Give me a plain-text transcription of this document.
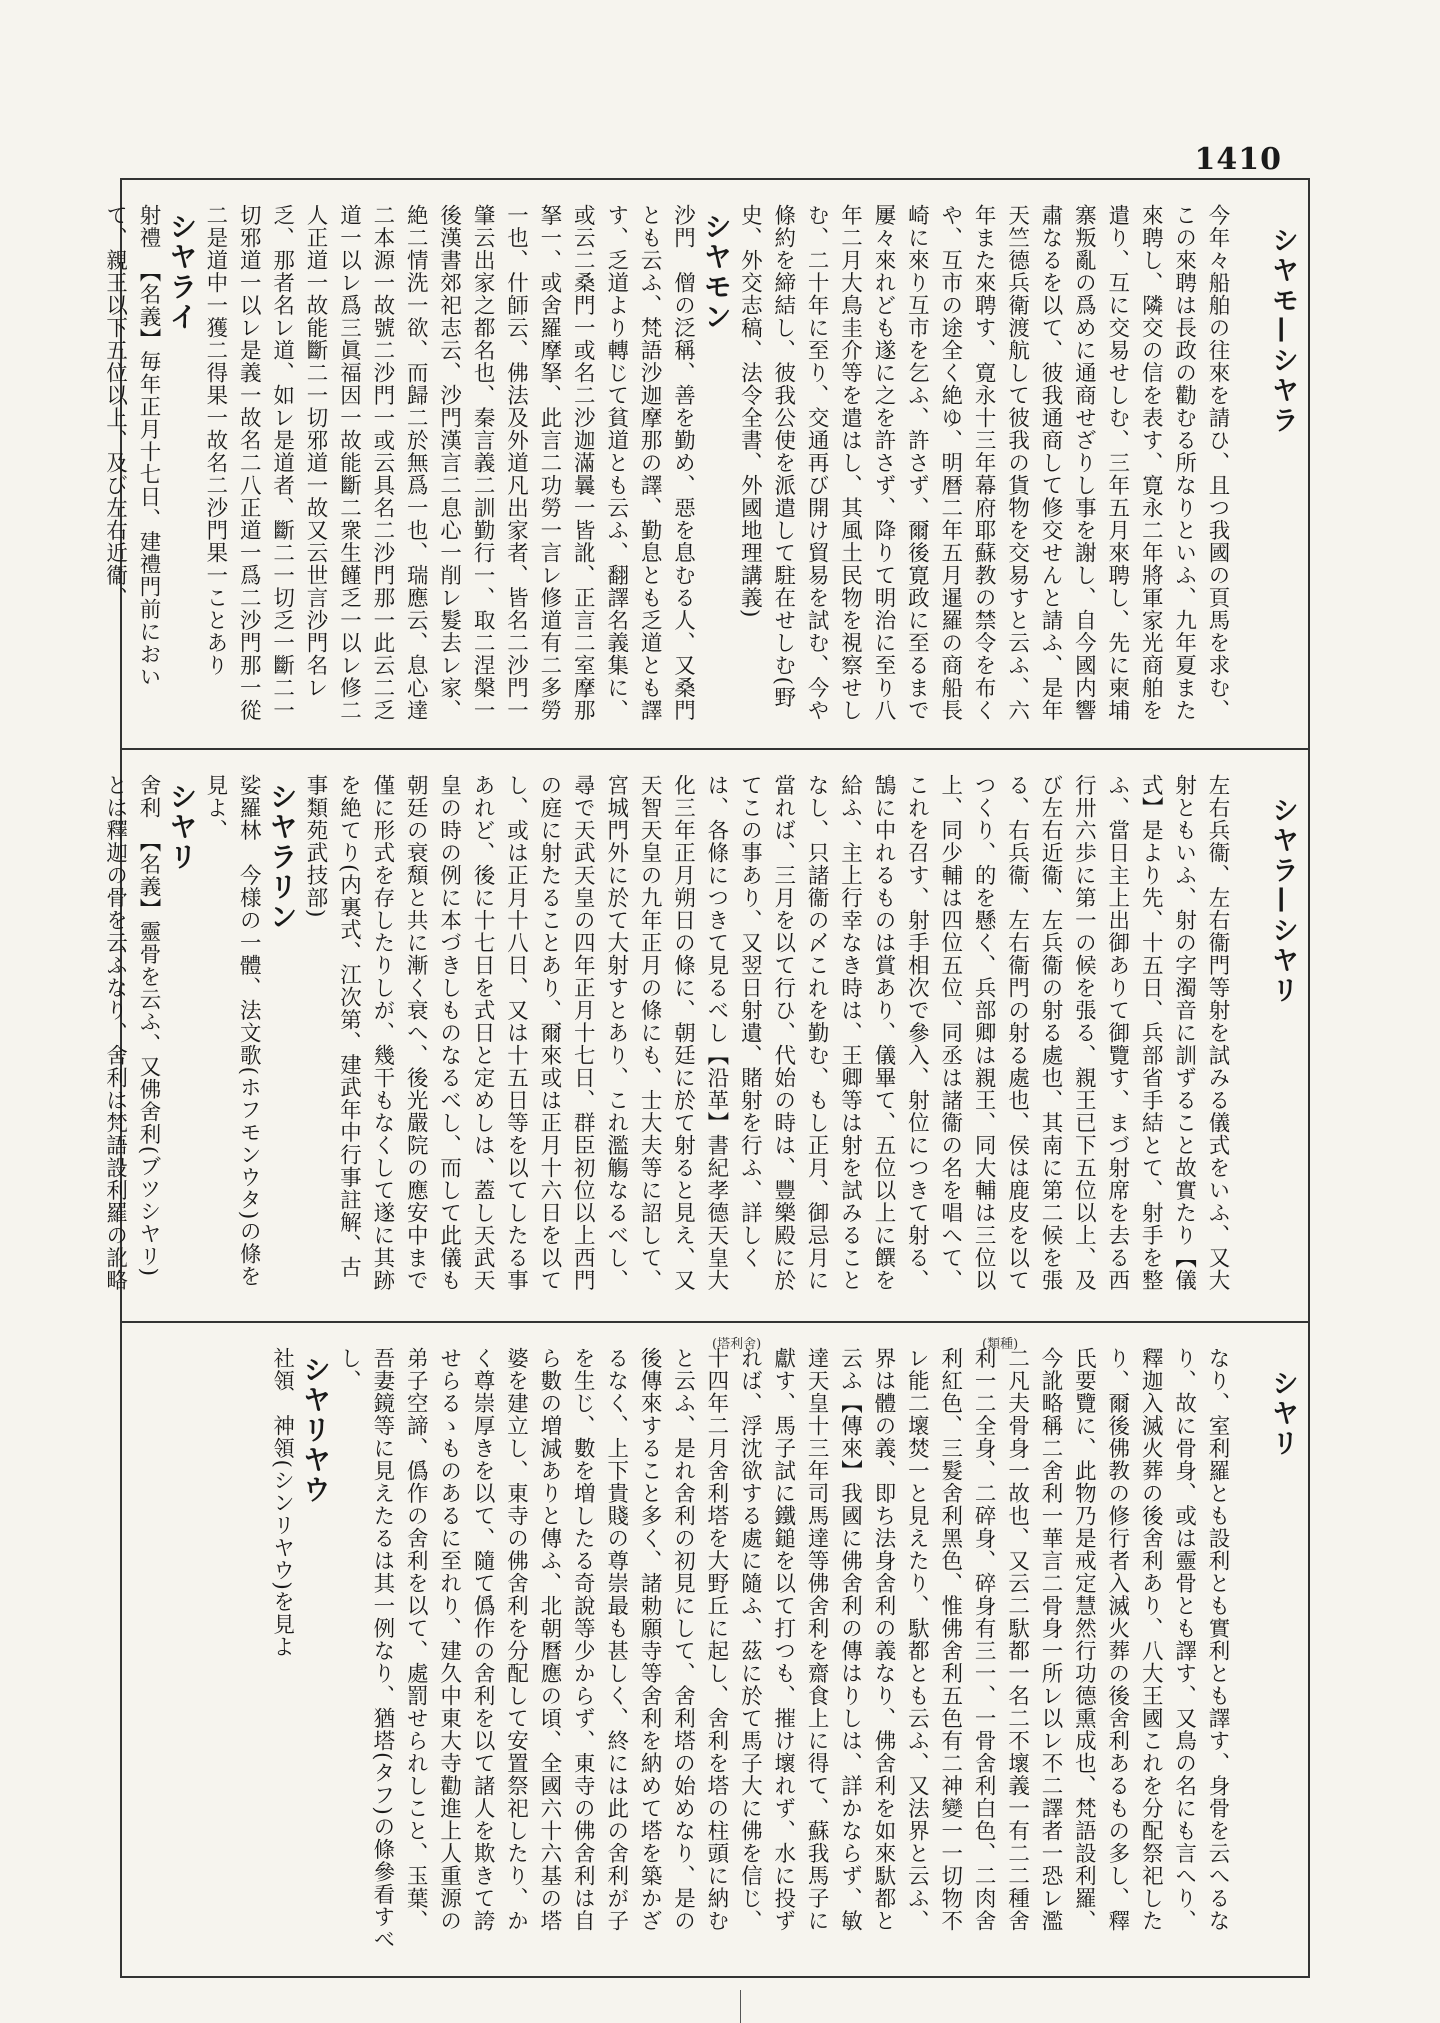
1410
シヤモ—シヤラ

今年々船舶の往來を請ひ、且つ我國の頁馬を求む、この來聘は長政の勸むる所なりといふ、九年夏また來聘し、隣交の信を表す、寛永二年將軍家光商舶を遣り、互に交易せしむ、三年五月來聘し、先に柬埔寨叛亂の爲めに通商せざりし事を謝し、自今國内響肅なるを以て、彼我通商して修交せんと請ふ、是年天竺德兵衛渡航して彼我の貨物を交易すと云ふ、六年また來聘す、寛永十三年幕府耶蘇教の禁令を布くや、互市の途全く絶ゆ、明暦二年五月暹羅の商船長崎に來り互市を乞ふ、許さず、爾後寛政に至るまで屢々來れども遂に之を許さず、降りて明治に至り八年二月大鳥圭介等を遣はし、其風土民物を視察せしむ、二十年に至り、交通再び開け貿易を試む、今や條約を締結し、彼我公使を派遣して駐在せしむ(野史、外交志稿、法令全書、外國地理講義)

シヤモン

沙門　僧の泛稱、善を勤め、惡を息むる人、又桑門とも云ふ、梵語沙迦摩那の譯、勤息とも乏道とも譯す、乏道より轉じて貧道とも云ふ、翻譯名義集に、或云二桑門一或名二沙迦滿曩一皆訛、正言二室摩那拏一、或舍羅摩拏、此言二功勞一言レ修道有二多勞一也、什師云、佛法及外道凡出家者、皆名二沙門一肇云出家之都名也、秦言義二訓勤行一、取二涅槃一後漢書郊祀志云、沙門漢言二息心一削レ髮去レ家、絶二情洗一欲、而歸二於無爲一也、瑞應云、息心達二本源一故號二沙門一或云具名二沙門那一此云二乏道一以レ爲三眞福因一故能斷二衆生饉乏一以レ修二人正道一故能斷二一切邪道一故又云世言沙門名レ乏、那者名レ道、如レ是道者、斷二一切乏一斷二一切邪道一以レ是義一故名二八正道一爲二沙門那一從二是道中一獲二得果一故名二沙門果一ことあり

シヤライ

射禮　【名義】毎年正月十七日、建禮門前において、親王以下五位以上、及び左右近衞、

シヤラ—シヤリ

左右兵衞、左右衞門等射を試みる儀式をいふ、又大射ともいふ、射の字濁音に訓ずること故實たり【儀式】是より先、十五日、兵部省手結とて、射手を整ふ、當日主上出御ありて御覽す、まづ射席を去る西行卅六歩に第一の候を張る、親王已下五位以上、及び左右近衞、左兵衞の射る處也、其南に第二候を張る、右兵衞、左右衞門の射る處也、侯は鹿皮を以てつくり、的を懸く、兵部卿は親王、同大輔は三位以上、同少輔は四位五位、同丞は諸衞の名を唱へて、これを召す、射手相次で參入、射位につきて射る、鵠に中れるものは賞あり、儀畢て、五位以上に饌を給ふ、主上行幸なき時は、王卿等は射を試みることなし、只諸衞の〆これを勤む、もし正月、御忌月に當れば、三月を以て行ひ、代始の時は、豐樂殿に於てこの事あり、又翌日射遺、賭射を行ふ、詳しくは、各條につきて見るべし【沿革】書紀孝德天皇大化三年正月朔日の條に、朝廷に於て射ると見え、又天智天皇の九年正月の條にも、士大夫等に詔して、宮城門外に於て大射すとあり、これ濫觴なるべし、尋で天武天皇の四年正月十七日、群臣初位以上西門の庭に射たることあり、爾來或は正月十六日を以てし、或は正月十八日、又は十五日等を以てしたる事あれど、後に十七日を式日と定めしは、蓋し天武天皇の時の例に本づきしものなるべし、而して此儀も朝廷の衰頽と共に漸く衰へ、後光嚴院の應安中まで僅に形式を存したりしが、幾干もなくして遂に其跡を絶てり(内裏式、江次第、建武年中行事註解、古事類苑武技部)

シヤラリン

娑羅林　今様の一體、法文歌(ホフモンウタ)の條を見よ、

シヤリ

舍利　【名義】靈骨を云ふ、又佛舍利(ブツシヤリ)とは釋迦の骨を云ふなり、舍利は梵語設利羅の訛略

シヤリ
(塔利舍)	(類種)

なり、室利羅とも設利とも實利とも譯す、身骨を云へるなり、故に骨身、或は靈骨とも譯す、又鳥の名にも言へり、釋迦入滅火葬の後舍利あり、八大王國これを分配祭祀したり、爾後佛教の修行者入滅火葬の後舍利あるもの多し、釋氏要覽に、此物乃是戒定慧然行功德熏成也、梵語設利羅、今訛略稱二舍利一華言二骨身一所レ以レ不二譯者一恐レ濫二凡夫骨身一故也、又云二馱都一名二不壞義一有二二種舍利一二全身、二碎身、碎身有三一、一骨舍利白色、二肉舍利紅色、三髮舍利黑色、惟佛舍利五色有二神變一一切物不レ能二壞焚一と見えたり、馱都とも云ふ、又法界と云ふ、界は體の義、即ち法身舍利の義なり、佛舍利を如來馱都と云ふ【傳來】我國に佛舍利の傳はりしは、詳かならず、敏達天皇十三年司馬達等佛舍利を齋食上に得て、蘇我馬子に獻す、馬子試に鐵鎚を以て打つも、摧け壞れず、水に投ずれば、浮沈欲する處に隨ふ、茲に於て馬子大に佛を信じ、十四年二月舍利塔を大野丘に起し、舍利を塔の柱頭に納むと云ふ、是れ舍利の初見にして、舍利塔の始めなり、是の後傳來すること多く、諸勅願寺等舍利を納めて塔を築かざるなく、上下貴賤の尊崇最も甚しく、終には此の舍利が子を生じ、數を増したる奇說等少からず、東寺の佛舍利は自ら數の増減ありと傳ふ、北朝曆應の頃、全國六十六基の塔婆を建立し、東寺の佛舍利を分配して安置祭祀したり、かく尊崇厚きを以て、隨て僞作の舍利を以て諸人を欺きて誇せらるゝものあるに至れり、建久中東大寺勸進上人重源の弟子空諦、僞作の舍利を以て、處罰せられしこと、玉葉、吾妻鏡等に見えたるは其一例なり、猶塔(タフ)の條參看すべし、

シヤリヤウ

社領　神領(シンリヤウ)を見よ
